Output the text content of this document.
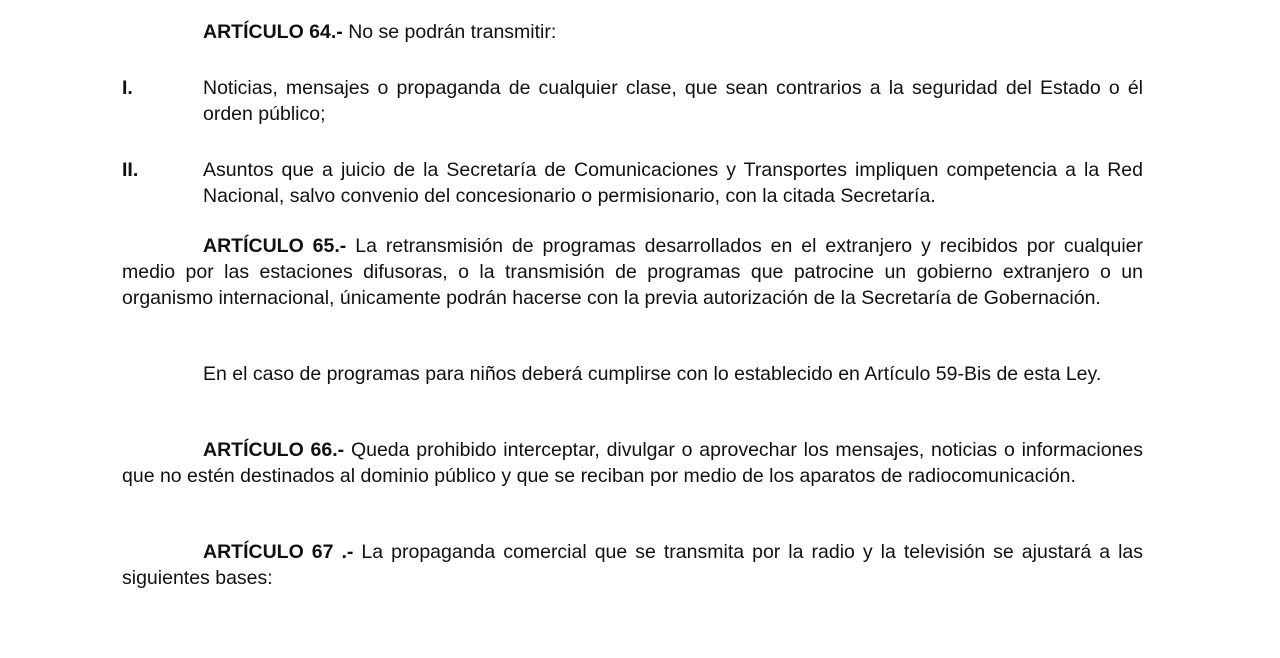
ARTÍCULO 64.- No se podrán transmitir:

I.	Noticias, mensajes o propaganda de cualquier clase, que sean contrarios a la seguridad del Estado o él orden público;

II.	Asuntos que a juicio de la Secretaría de Comunicaciones y Transportes impliquen competencia a la Red Nacional, salvo convenio del concesionario o permisionario, con la citada Secretaría.

ARTÍCULO 65.- La retransmisión de programas desarrollados en el extranjero y recibidos por cualquier medio por las estaciones difusoras, o la transmisión de programas que patrocine un gobierno extranjero o un organismo internacional, únicamente podrán hacerse con la previa autorización de la Secretaría de Gobernación.

En el caso de programas para niños deberá cumplirse con lo establecido en Artículo 59-Bis de esta Ley.

ARTÍCULO 66.- Queda prohibido interceptar, divulgar o aprovechar los mensajes, noticias o informaciones que no estén destinados al dominio público y que se reciban por medio de los aparatos de radiocomunicación.

ARTÍCULO 67 .- La propaganda comercial que se transmita por la radio y la televisión se ajustará a las siguientes bases:
